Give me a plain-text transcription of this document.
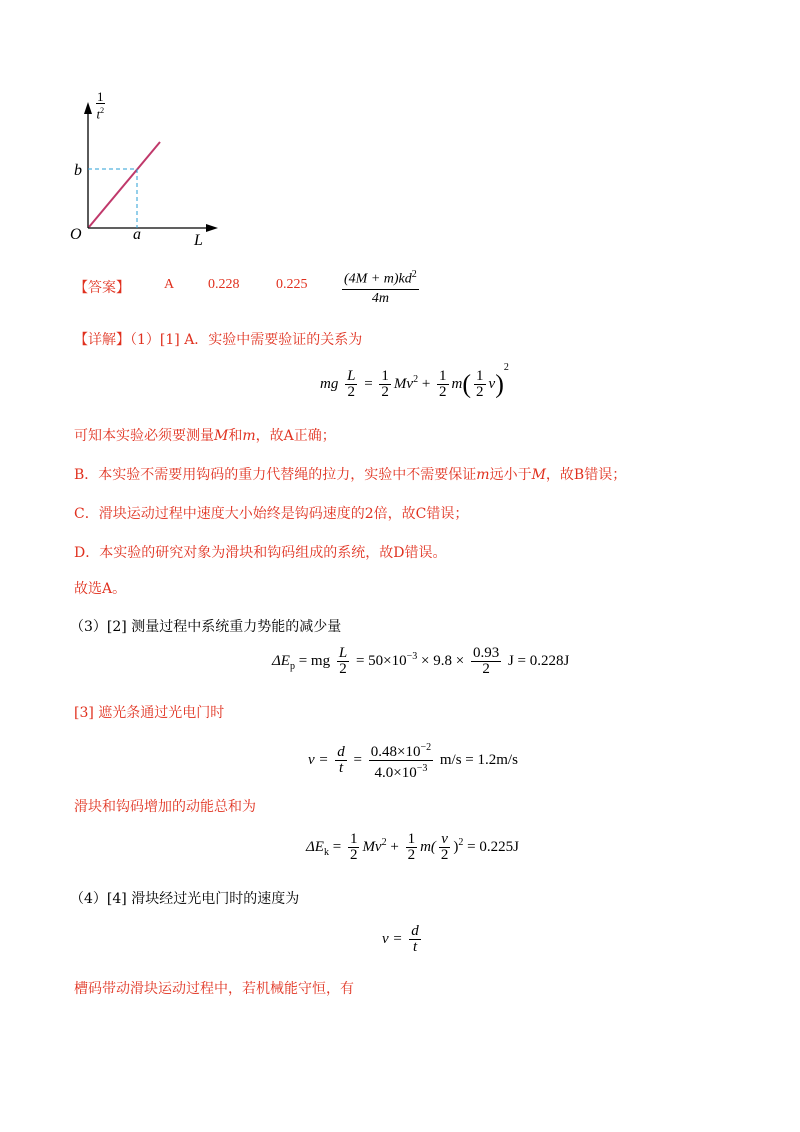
1
$t^2$
b
O	a	L
【答案】 A 0.228	0.225	$(4M + m)kd^2$
4m
【详解】（1）[1] A．实验中需要验证的关系为
mg $\frac{L}{2} = \frac{1}{2} Mv^2 + \frac{1}{2} m( \frac{1}{2} v)^2$
可知本实验必须要测量M和m，故A正确；
B．本实验不需要用钩码的重力代替绳的拉力，实验中不需要保证m远小于M，故B错误；
C．滑块运动过程中速度大小始终是钩码速度的2倍，故C错误；
D．本实验的研究对象为滑块和钩码组成的系统，故D错误。
故选A。
（3）[2] 测量过程中系统重力势能的减少量
$\Delta E_p$ = mg $\frac{L}{2} = 50\times 10^{-3} \times 9.8 \times \frac{0.93}{2}$ J = 0.228J
[3] 遮光条通过光电门时
$v = \frac{d}{t} = \frac{0.48\times 10^{-2}}{4.0\times 10^{-3}} m/s = 1.2m/s$
滑块和钩码增加的动能总和为
$\Delta E_k = \frac{1}{2} Mv^2 + \frac{1}{2} m( \frac{v}{2} )^2 = 0.225J$
（4）[4] 滑块经过光电门时的速度为
$v = \frac{d}{t}$
槽码带动滑块运动过程中，若机械能守恒，有
